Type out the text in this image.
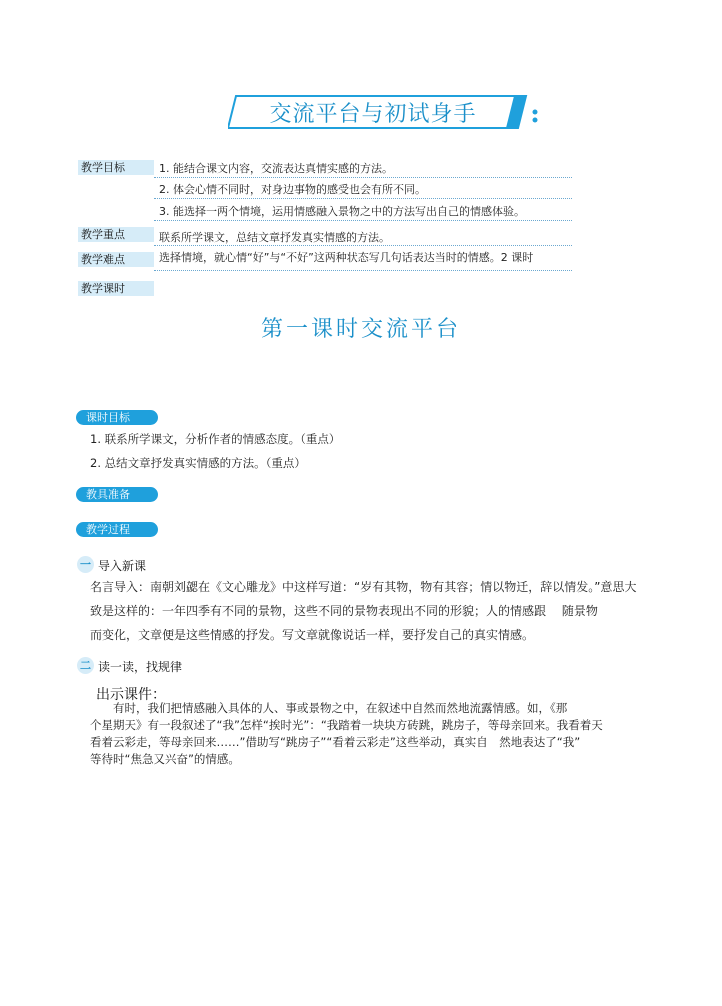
交流平台与初试身手
教学目标	1. 能结合课文内容，交流表达真情实感的方法。
2. 体会心情不同时，对身边事物的感受也会有所不同。
3. 能选择一两个情境，运用情感融入景物之中的方法写出自己的情感体验。
教学重点	联系所学课文，总结文章抒发真实情感的方法。
教学难点	选择情境，就心情“好”与“不好”这两种状态写几句话表达当时的情感。2 课时
教学课时
第一课时交流平台
课时目标
1. 联系所学课文，分析作者的情感态度。（重点）
2. 总结文章抒发真实情感的方法。（重点）
教具准备
教学过程
一 导入新课
名言导入：南朝刘勰在《文心雕龙》中这样写道：“岁有其物，物有其容；情以物迁，辞以情发。”意思大
致是这样的：一年四季有不同的景物，这些不同的景物表现出不同的形貌；人的情感跟　 随景物
而变化，文章便是这些情感的抒发。写文章就像说话一样，要抒发自己的真实情感。
二 读一读，找规律
出示课件：
　　有时，我们把情感融入具体的人、事或景物之中，在叙述中自然而然地流露情感。如，《那
个星期天》有一段叙述了“我”怎样“挨时光”：“我踏着一块块方砖跳，跳房子，等母亲回来。我看着天
看着云彩走，等母亲回来……”借助写“跳房子”“看着云彩走”这些举动，真实自　然地表达了“我”
等待时“焦急又兴奋”的情感。
